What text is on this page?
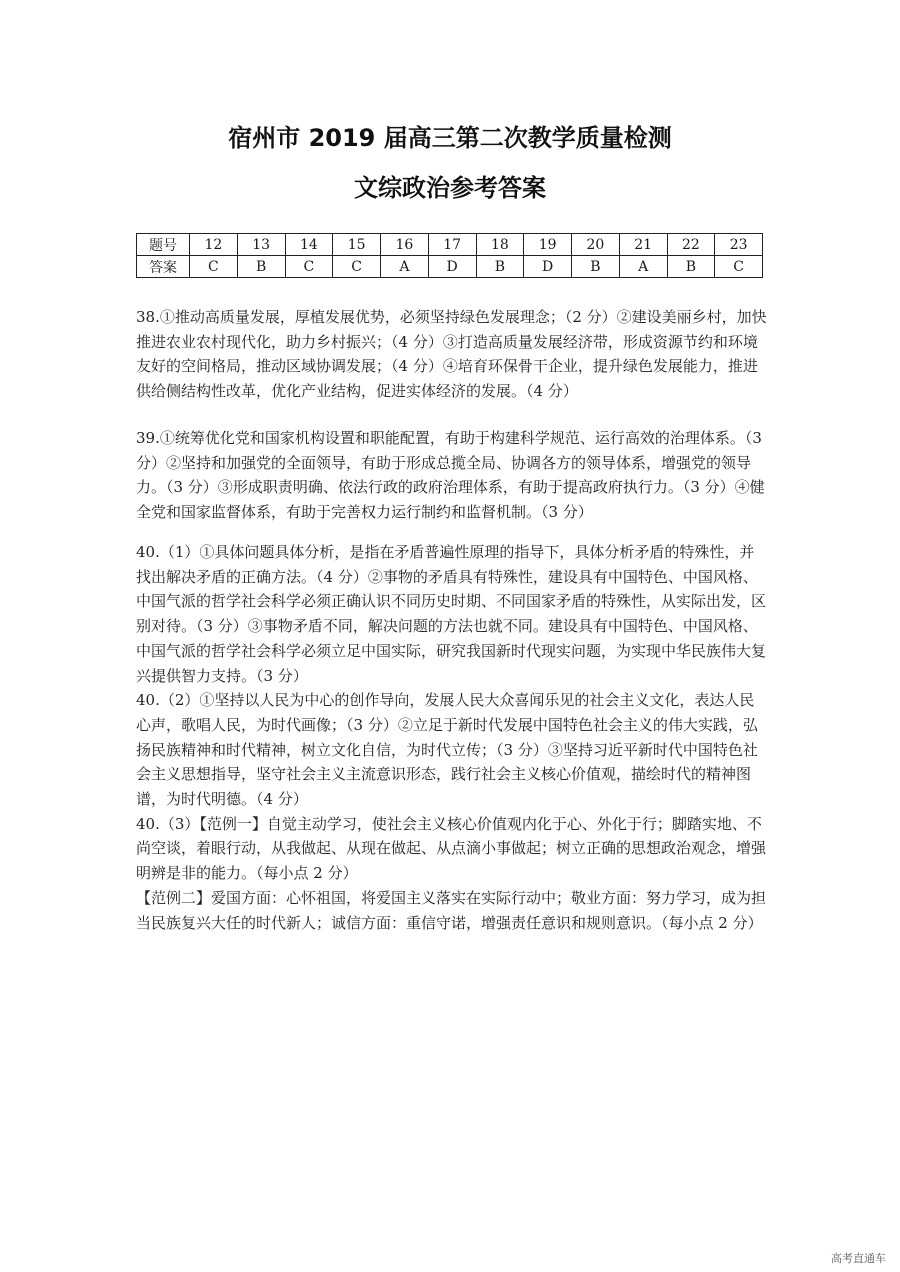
宿州市 2019 届高三第二次教学质量检测
文综政治参考答案
题号	12	13	14	15	16	17	18	19	20	21	22	23
答案	C	B	C	C	A	D	B	D	B	A	B	C

38.①推动高质量发展，厚植发展优势，必须坚持绿色发展理念；（2 分）②建设美丽乡村，加快推进农业农村现代化，助力乡村振兴；（4 分）③打造高质量发展经济带，形成资源节约和环境友好的空间格局，推动区域协调发展；（4 分）④培育环保骨干企业，提升绿色发展能力，推进供给侧结构性改革，优化产业结构，促进实体经济的发展。（4 分）

39.①统筹优化党和国家机构设置和职能配置，有助于构建科学规范、运行高效的治理体系。（3 分）②坚持和加强党的全面领导，有助于形成总揽全局、协调各方的领导体系，增强党的领导力。（3 分）③形成职责明确、依法行政的政府治理体系，有助于提高政府执行力。（3 分）④健全党和国家监督体系，有助于完善权力运行制约和监督机制。（3 分）

40.（1）①具体问题具体分析，是指在矛盾普遍性原理的指导下，具体分析矛盾的特殊性，并找出解决矛盾的正确方法。（4 分）②事物的矛盾具有特殊性，建设具有中国特色、中国风格、中国气派的哲学社会科学必须正确认识不同历史时期、不同国家矛盾的特殊性，从实际出发，区别对待。（3 分）③事物矛盾不同，解决问题的方法也就不同。建设具有中国特色、中国风格、中国气派的哲学社会科学必须立足中国实际，研究我国新时代现实问题，为实现中华民族伟大复兴提供智力支持。（3 分）

40.（2）①坚持以人民为中心的创作导向，发展人民大众喜闻乐见的社会主义文化，表达人民心声，歌唱人民，为时代画像；（3 分）②立足于新时代发展中国特色社会主义的伟大实践，弘扬民族精神和时代精神，树立文化自信，为时代立传；（3 分）③坚持习近平新时代中国特色社会主义思想指导，坚守社会主义主流意识形态，践行社会主义核心价值观，描绘时代的精神图谱，为时代明德。（4 分）

40.（3）【范例一】自觉主动学习，使社会主义核心价值观内化于心、外化于行；脚踏实地、不尚空谈，着眼行动，从我做起、从现在做起、从点滴小事做起；树立正确的思想政治观念，增强明辨是非的能力。（每小点 2 分）

【范例二】爱国方面：心怀祖国，将爱国主义落实在实际行动中；敬业方面：努力学习，成为担当民族复兴大任的时代新人；诚信方面：重信守诺，增强责任意识和规则意识。（每小点 2 分）

高考直通车
